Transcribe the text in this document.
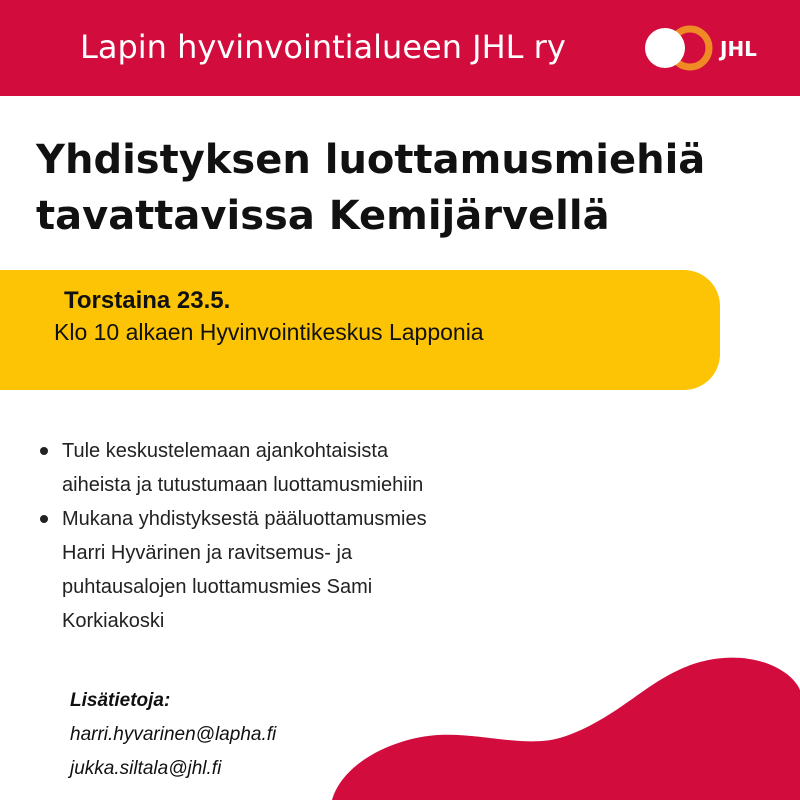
Lapin hyvinvointialueen JHL ry	JHL
Yhdistyksen luottamusmiehiä
tavattavissa Kemijärvellä
Torstaina 23.5.
Klo 10 alkaen Hyvinvointikeskus Lapponia
Tule keskustelemaan ajankohtaisista
aiheista ja tutustumaan luottamusmiehiin
Mukana yhdistyksestä pääluottamusmies
Harri Hyvärinen ja ravitsemus- ja
puhtausalojen luottamusmies Sami
Korkiakoski
Lisätietoja:
harri.hyvarinen@lapha.fi
jukka.siltala@jhl.fi
